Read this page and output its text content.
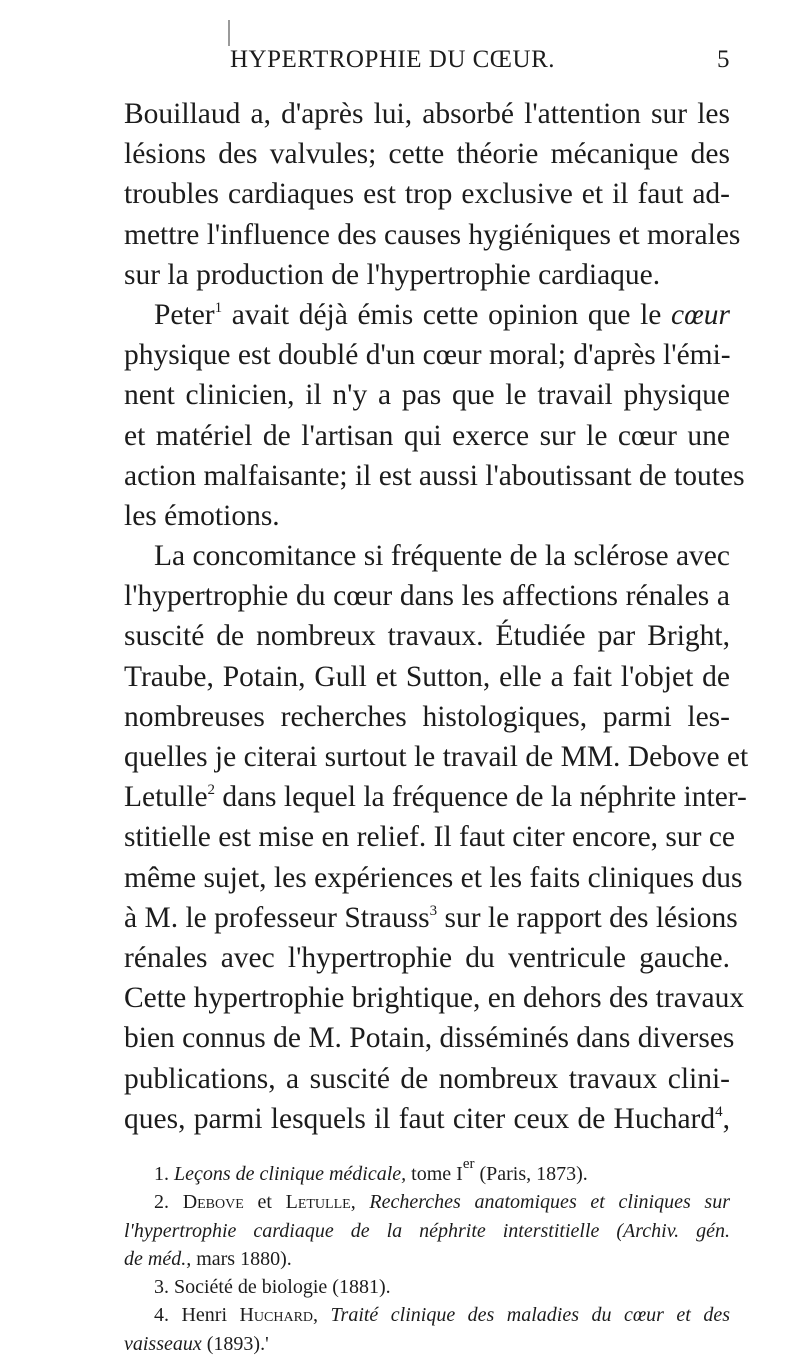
HYPERTROPHIE DU CŒUR.	5
Bouillaud a, d'après lui, absorbé l'attention sur les
lésions des valvules; cette théorie mécanique des
troubles cardiaques est trop exclusive et il faut ad-
mettre l'influence des causes hygiéniques et morales
sur la production de l'hypertrophie cardiaque.
Peter$^1$ avait déjà émis cette opinion que le cœur
physique est doublé d'un cœur moral; d'après l'émi-
nent clinicien, il n'y a pas que le travail physique
et matériel de l'artisan qui exerce sur le cœur une
action malfaisante; il est aussi l'aboutissant de toutes
les émotions.
La concomitance si fréquente de la sclérose avec
l'hypertrophie du cœur dans les affections rénales a
suscité de nombreux travaux. Étudiée par Bright,
Traube, Potain, Gull et Sutton, elle a fait l'objet de
nombreuses recherches histologiques, parmi les-
quelles je citerai surtout le travail de MM. Debove et
Letulle$^2$ dans lequel la fréquence de la néphrite inter-
stitielle est mise en relief. Il faut citer encore, sur ce
même sujet, les expériences et les faits cliniques dus
à M. le professeur Strauss$^3$ sur le rapport des lésions
rénales avec l'hypertrophie du ventricule gauche.
Cette hypertrophie brightique, en dehors des travaux
bien connus de M. Potain, disséminés dans diverses
publications, a suscité de nombreux travaux clini-
ques, parmi lesquels il faut citer ceux de Huchard$^4$,
1. Leçons de clinique médicale, tome Ier (Paris, 1873).
2. Debove et Letulle, Recherches anatomiques et cliniques sur
l'hypertrophie cardiaque de la néphrite interstitielle (Archiv. gén.
de méd., mars 1880).
3. Société de biologie (1881).
4. Henri Huchard, Traité clinique des maladies du cœur et des
vaisseaux (1893).'
